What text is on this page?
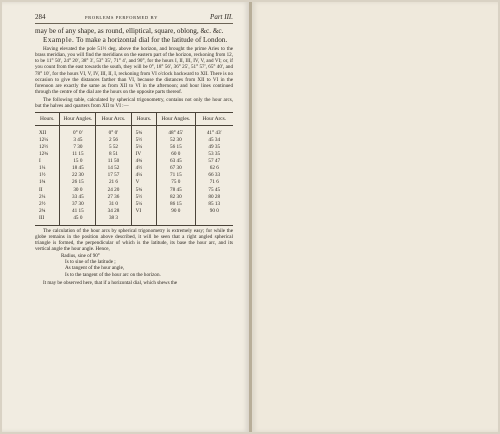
284	PROBLEMS PERFORMED BY	Part III.

may be of any shape, as round, elliptical, square, oblong, &c. &c.

Example. To make a horizontal dial for the latitude of London.

Having elevated the pole 51½ deg. above the horizon, and brought the prime Aries to the brass meridian, you will find the meridians on the eastern part of the horizon, reckoning from 12, to be 11° 50′, 24° 20′, 38° 3′, 53° 35′, 71° 4′, and 90°, for the hours I, II, III, IV, V, and VI; or, if you count from the east towards the south, they will be 0°, 18° 56′, 36° 25′, 51° 57′, 65° 40′, and 78° 10′, for the hours VI, V, IV, III, II, I, reckoning from VI o'clock backward to XII. There is no occasion to give the distances farther than VI, because the distances from XII to VI in the forenoon are exactly the same as from XII to VI in the afternoon; and hour lines continued through the centre of the dial are the hours on the opposite parts thereof.

The following table, calculated by spherical trigonometry, contains not only the hour arcs, but the halves and quarters from XII to VI :—

Hours.	Hour Angles.	Hour Arcs.	Hours.	Hour Angles.	Hour Arcs.
XII	0° 0′	0° 0′	5¾	48° 45′	41° 43′
12¼	3 45	2 56	5½	52 30	45 34
12½	7 30	5 52	5¼	56 15	49 35
12¾	11 15	8 51	IV	60 0	53 35
I	15 0	11 50	4¾	63 45	57 47
1¼	18 45	14 52	4½	67 30	62 6
1½	22 30	17 57	4¼	71 15	66 33
1¾	26 15	21 6	V	75 0	71 6
II	30 0	24 20	5¾	78 45	75 45
2¼	33 45	27 36	5½	82 30	80 28
2½	37 30	31 0	5¼	86 15	85 13
2¾	41 15	34 28	VI	90 0	90 0
III	45 0	38 3			

The calculation of the hour arcs by spherical trigonometry is extremely easy; for while the globe remains in the position above described, it will be seen that a right angled spherical triangle is formed, the perpendicular of which is the latitude, its base the hour arc, and its vertical angle the hour angle. Hence,

Radius, sine of 90°
Is to sine of the latitude ;
As tangent of the hour angle,
Is to the tangent of the hour arc on the horizon.

It may be observed here, that if a horizontal dial, which shews the
